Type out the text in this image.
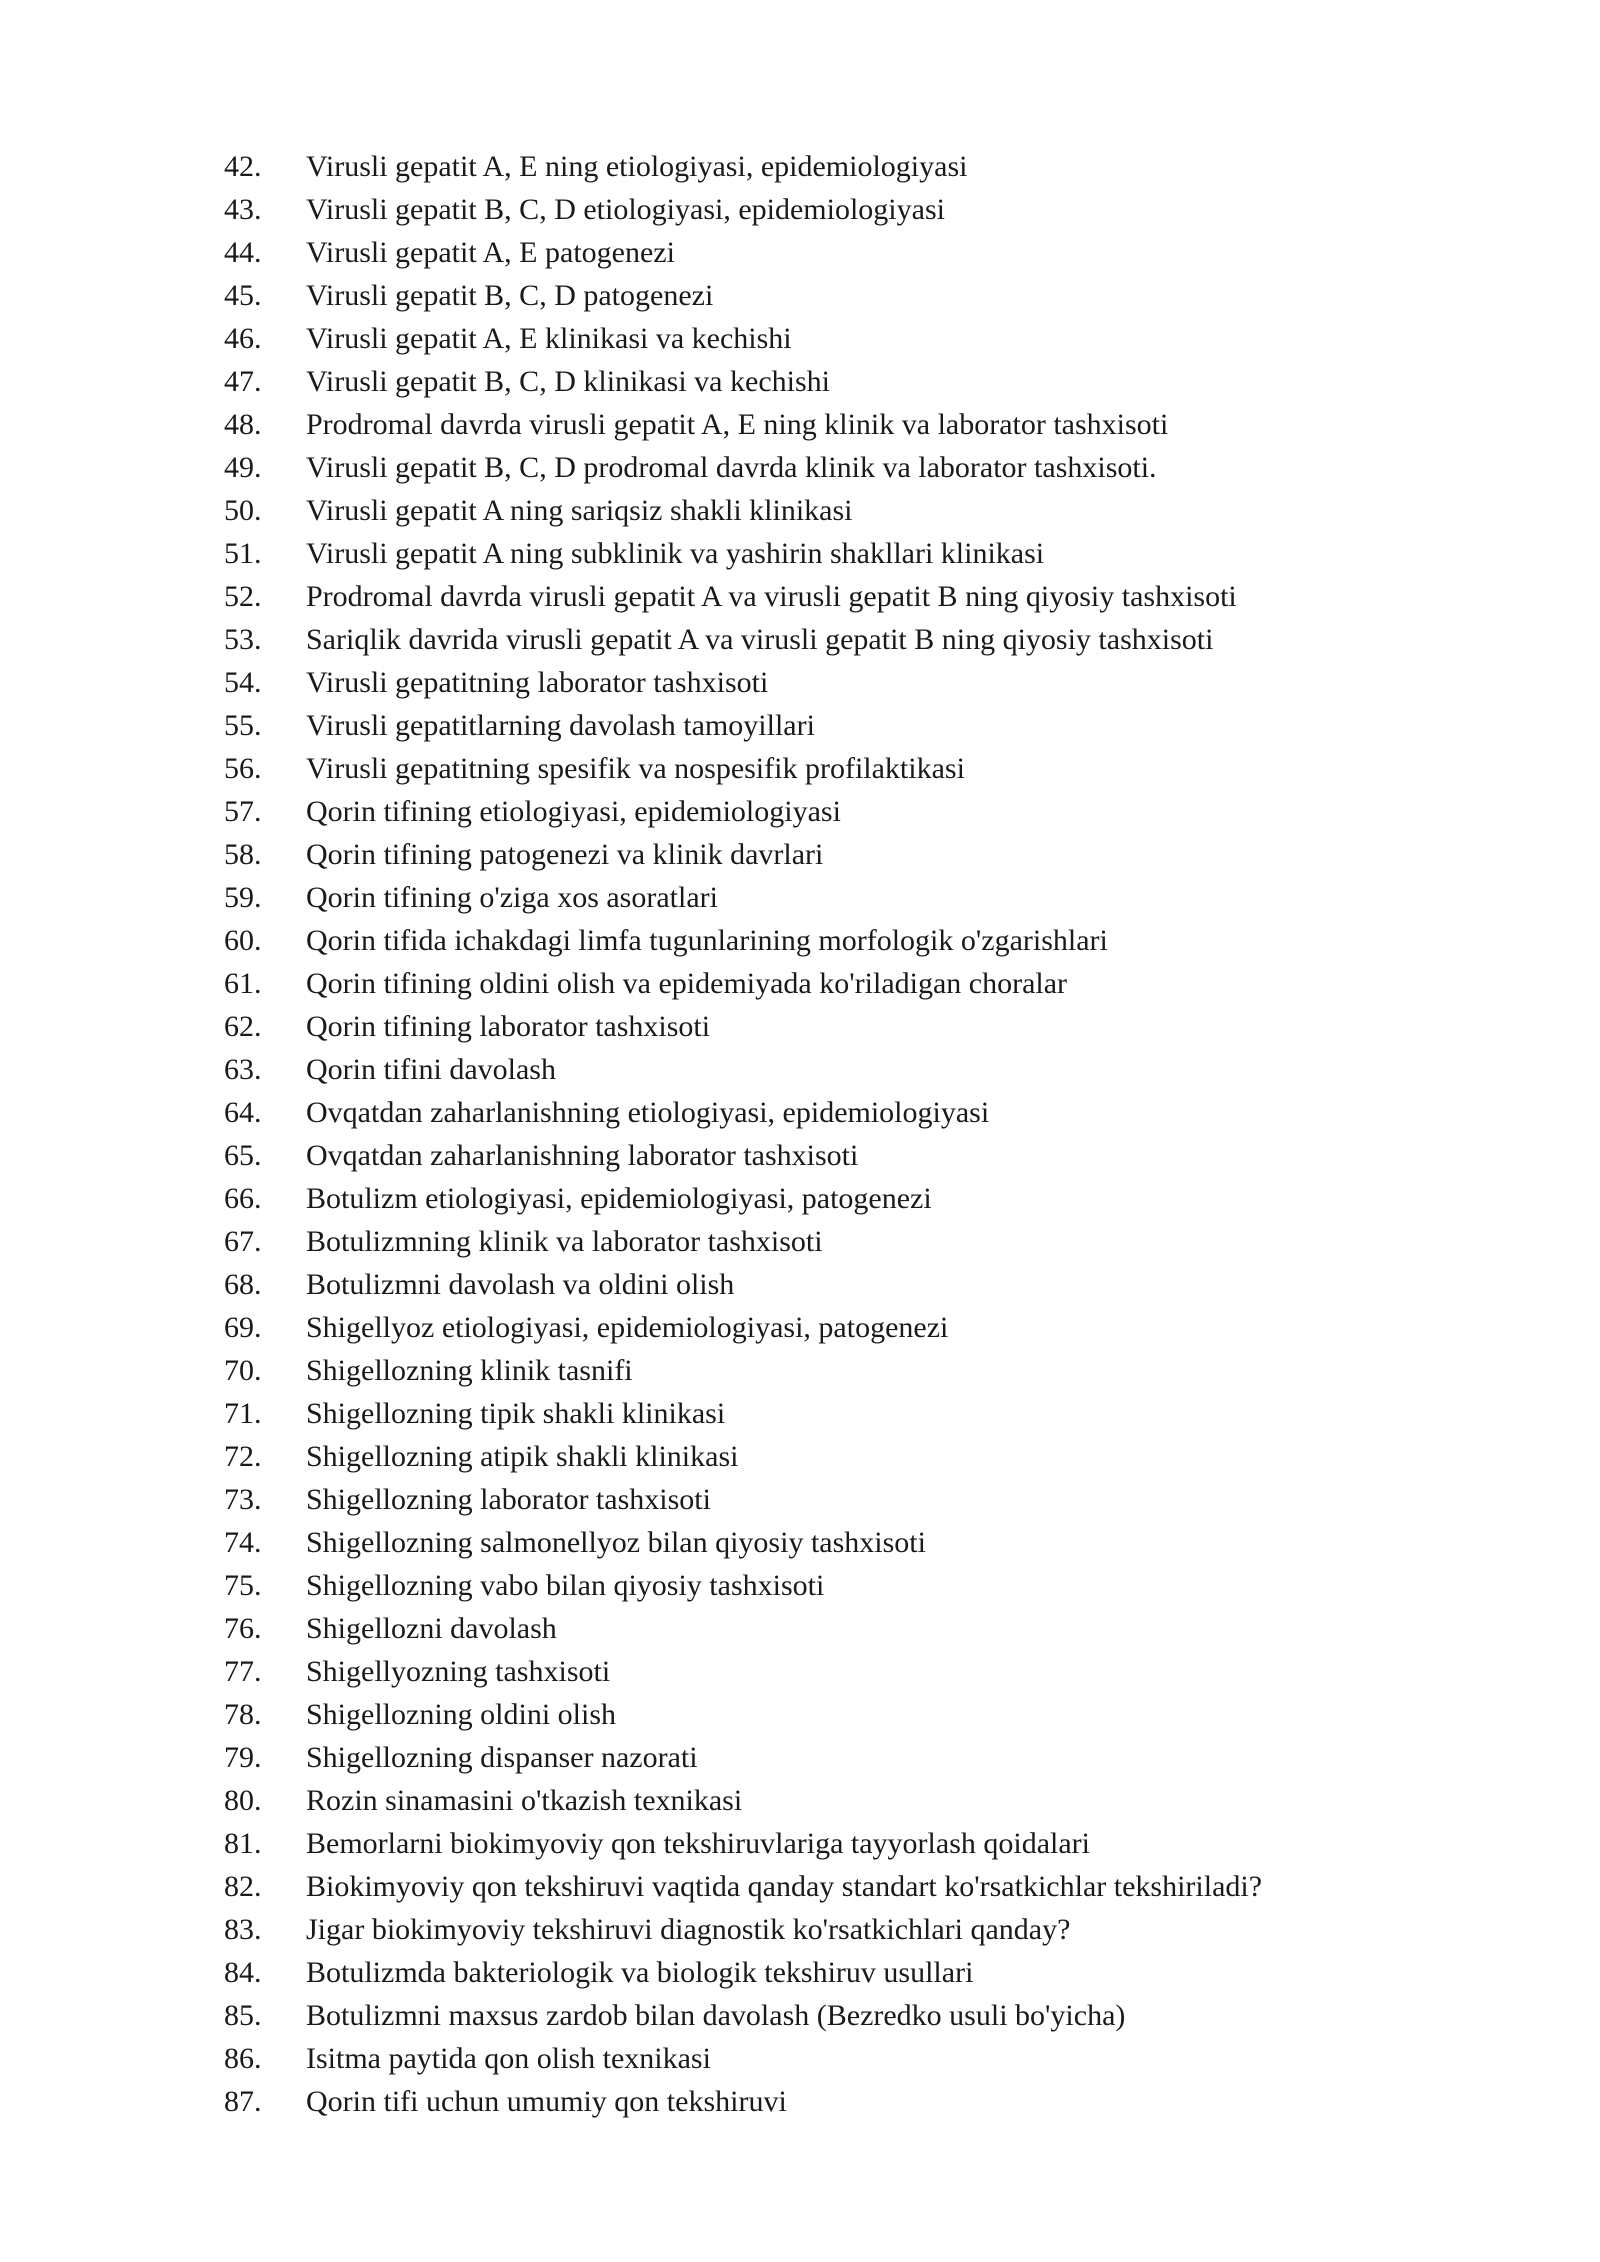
42.	Virusli gepatit A, E ning etiologiyasi, epidemiologiyasi
43.	Virusli gepatit B, C, D etiologiyasi, epidemiologiyasi
44.	Virusli gepatit A, E patogenezi
45.	Virusli gepatit B, C, D patogenezi
46.	Virusli gepatit A, E klinikasi va kechishi
47.	Virusli gepatit B, C, D klinikasi va kechishi
48.	Prodromal davrda virusli gepatit A, E ning klinik va laborator tashxisoti
49.	Virusli gepatit B, C, D prodromal davrda klinik va laborator tashxisoti.
50.	Virusli gepatit A ning sariqsiz shakli klinikasi
51.	Virusli gepatit A ning subklinik va yashirin shakllari klinikasi
52.	Prodromal davrda virusli gepatit A va virusli gepatit B ning qiyosiy tashxisoti
53.	Sariqlik davrida virusli gepatit A va virusli gepatit B ning qiyosiy tashxisoti
54.	Virusli gepatitning laborator tashxisoti
55.	Virusli gepatitlarning davolash tamoyillari
56.	Virusli gepatitning spesifik va nospesifik profilaktikasi
57.	Qorin tifining etiologiyasi, epidemiologiyasi
58.	Qorin tifining patogenezi va klinik davrlari
59.	Qorin tifining o'ziga xos asoratlari
60.	Qorin tifida ichakdagi limfa tugunlarining morfologik o'zgarishlari
61.	Qorin tifining oldini olish va epidemiyada ko'riladigan choralar
62.	Qorin tifining laborator tashxisoti
63.	Qorin tifini davolash
64.	Ovqatdan zaharlanishning etiologiyasi, epidemiologiyasi
65.	Ovqatdan zaharlanishning laborator tashxisoti
66.	Botulizm etiologiyasi, epidemiologiyasi, patogenezi
67.	Botulizmning klinik va laborator tashxisoti
68.	Botulizmni davolash va oldini olish
69.	Shigellyoz etiologiyasi, epidemiologiyasi, patogenezi
70.	Shigellozning klinik tasnifi
71.	Shigellozning tipik shakli klinikasi
72.	Shigellozning atipik shakli klinikasi
73.	Shigellozning laborator tashxisoti
74.	Shigellozning salmonellyoz bilan qiyosiy tashxisoti
75.	Shigellozning vabo bilan qiyosiy tashxisoti
76.	Shigellozni davolash
77.	Shigellyozning tashxisoti
78.	Shigellozning oldini olish
79.	Shigellozning dispanser nazorati
80.	Rozin sinamasini o'tkazish texnikasi
81.	Bemorlarni biokimyoviy qon tekshiruvlariga tayyorlash qoidalari
82.	Biokimyoviy qon tekshiruvi vaqtida qanday standart ko'rsatkichlar tekshiriladi?
83.	Jigar biokimyoviy tekshiruvi diagnostik ko'rsatkichlari qanday?
84.	Botulizmda bakteriologik va biologik tekshiruv usullari
85.	Botulizmni maxsus zardob bilan davolash (Bezredko usuli bo'yicha)
86.	Isitma paytida qon olish texnikasi
87.	Qorin tifi uchun umumiy qon tekshiruvi
